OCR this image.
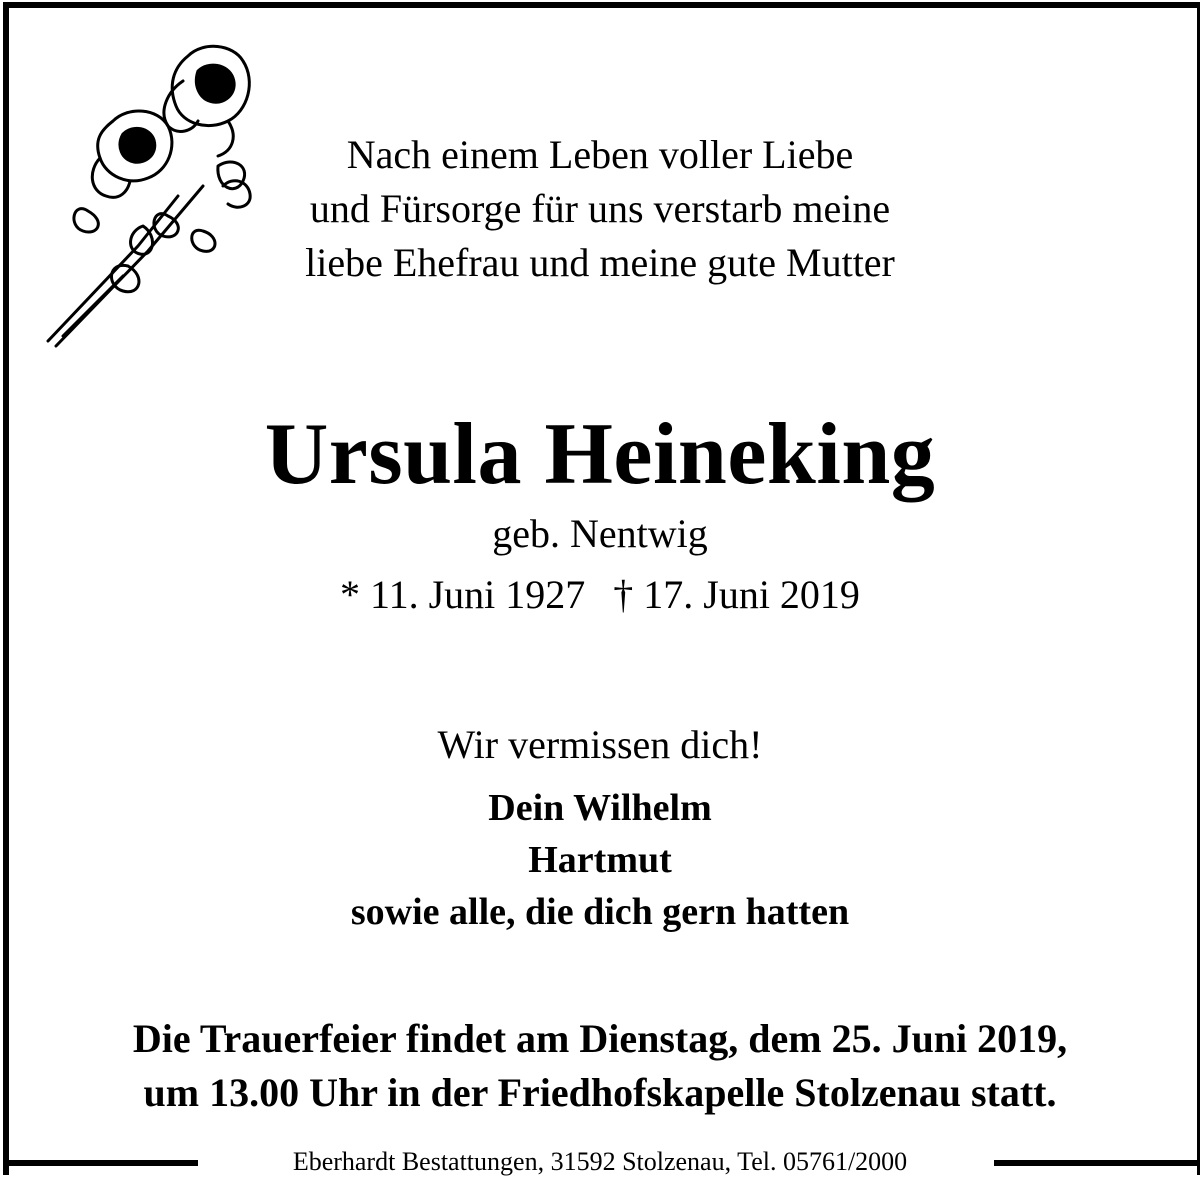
Nach einem Leben voller Liebe
und Fürsorge für uns verstarb meine
liebe Ehefrau und meine gute Mutter
Ursula Heineking
geb. Nentwig
* 11. Juni 1927 † 17. Juni 2019
Wir vermissen dich!
Dein Wilhelm
Hartmut
sowie alle, die dich gern hatten
Die Trauerfeier findet am Dienstag, dem 25. Juni 2019,
um 13.00 Uhr in der Friedhofskapelle Stolzenau statt.
Eberhardt Bestattungen, 31592 Stolzenau, Tel. 05761/2000
